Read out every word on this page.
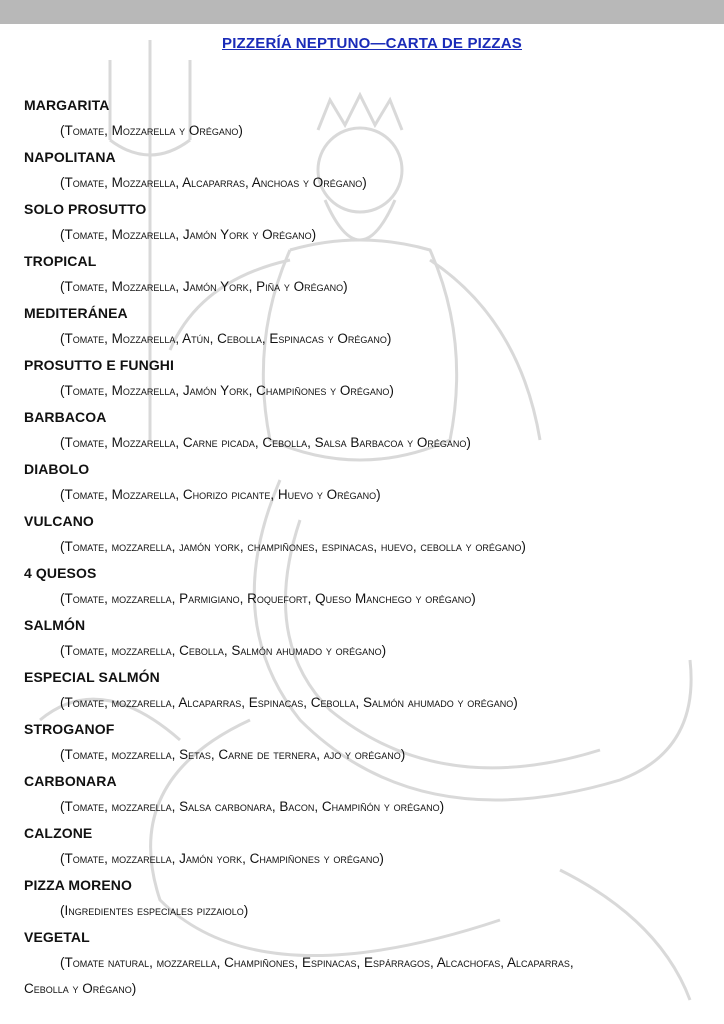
PIZZERÍA NEPTUNO—CARTA DE PIZZAS
MARGARITA
(Tomate, Mozzarella y Orégano)
NAPOLITANA
(Tomate, Mozzarella, Alcaparras, Anchoas y Orégano)
SOLO PROSUTTO
(Tomate, Mozzarella, Jamón York y Orégano)
TROPICAL
(Tomate, Mozzarella, Jamón York, Piña y Orégano)
MEDITERÁNEA
(Tomate, Mozzarella, Atún, Cebolla, Espinacas y Orégano)
PROSUTTO E FUNGHI
(Tomate, Mozzarella, Jamón York, Champiñones y Orégano)
BARBACOA
(Tomate, Mozzarella, Carne picada, Cebolla, Salsa Barbacoa y Orégano)
DIABOLO
(Tomate, Mozzarella, Chorizo picante, Huevo y Orégano)
VULCANO
(Tomate, mozzarella, jamón york, champiñones, espinacas, huevo, cebolla y orégano)
4 QUESOS
(Tomate, mozzarella, Parmigiano, Roquefort, Queso Manchego y orégano)
SALMÓN
(Tomate, mozzarella, Cebolla, Salmón ahumado y orégano)
ESPECIAL SALMÓN
(Tomate, mozzarella, Alcaparras, Espinacas, Cebolla, Salmón ahumado y orégano)
STROGANOF
(Tomate, mozzarella, Setas, Carne de ternera, ajo y orégano)
CARBONARA
(Tomate, mozzarella, Salsa carbonara, Bacon, Champiñón y orégano)
CALZONE
(Tomate, mozzarella, Jamón york, Champiñones y orégano)
PIZZA MORENO
(Ingredientes especiales pizzaiolo)
VEGETAL
(Tomate natural, mozzarella, Champiñones, Espinacas, Espárragos, Alcachofas, Alcaparras,
Cebolla y Orégano)
